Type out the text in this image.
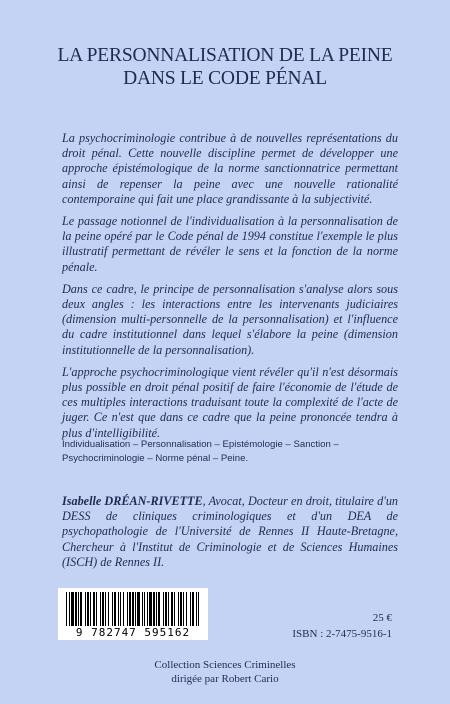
LA PERSONNALISATION DE LA PEINE
DANS LE CODE PÉNAL

La psychocriminologie contribue à de nouvelles représentations du droit pénal. Cette nouvelle discipline permet de développer une approche épistémologique de la norme sanctionnatrice permettant ainsi de repenser la peine avec une nouvelle rationalité contemporaine qui fait une place grandissante à la subjectivité.

Le passage notionnel de l'individualisation à la personnalisation de la peine opéré par le Code pénal de 1994 constitue l'exemple le plus illustratif permettant de révéler le sens et la fonction de la norme pénale.

Dans ce cadre, le principe de personnalisation s'analyse alors sous deux angles : les interactions entre les intervenants judiciaires (dimension multi-personnelle de la personnalisation) et l'influence du cadre institutionnel dans lequel s'élabore la peine (dimension institutionnelle de la personnalisation).

L'approche psychocriminologique vient révéler qu'il n'est désormais plus possible en droit pénal positif de faire l'économie de l'étude de ces multiples interactions traduisant toute la complexité de l'acte de juger. Ce n'est que dans ce cadre que la peine prononcée tendra à plus d'intelligibilité.

Individualisation – Personnalisation – Epistémologie – Sanction – Psychocriminologie – Norme pénal – Peine.
Isabelle DRÉAN-RIVETTE, Avocat, Docteur en droit, titulaire d'un DESS de cliniques criminologiques et d'un DEA de psychopathologie de l'Université de Rennes II Haute-Bretagne, Chercheur à l'Institut de Criminologie et de Sciences Humaines (ISCH) de Rennes II.
9 782747 595162
25 €
ISBN : 2-7475-9516-1
Collection Sciences Criminelles
dirigée par Robert Cario
